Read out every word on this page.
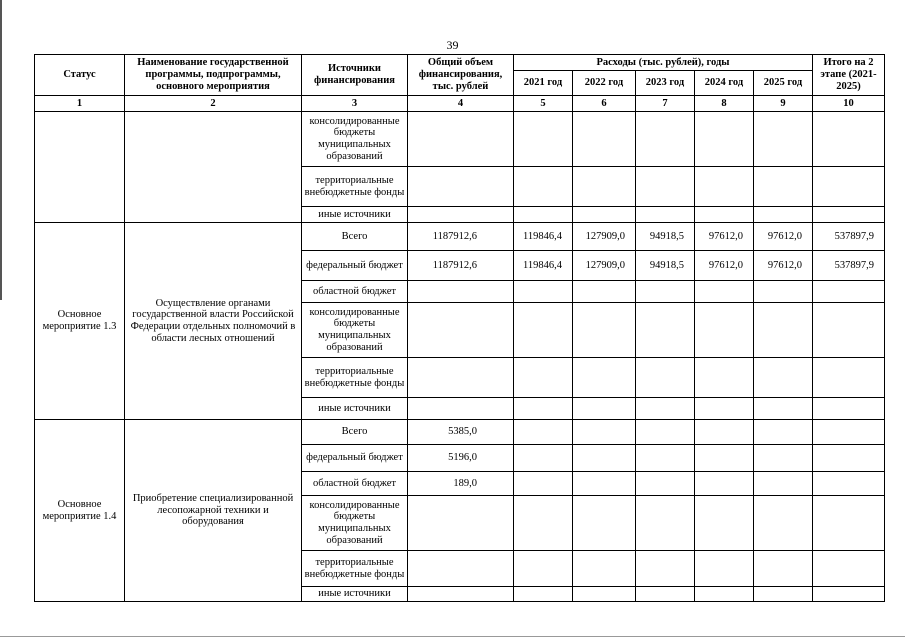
39
Статус	Наименование государственной программы, подпрограммы, основного мероприятия	Источники финансирования	Общий объем финансирования, тыс. рублей	Расходы (тыс. рублей), годы					Итого на 2 этапе (2021-2025)
				2021 год	2022 год	2023 год	2024 год	2025 год	
1	2	3	4	5	6	7	8	9	10
		консолидированные бюджеты муниципальных образований							
		территориальные внебюджетные фонды							
		иные источники							
Основное мероприятие 1.3	Осуществление органами государственной власти Российской Федерации отдельных полномочий в области лесных отношений	Всего	1187912,6	119846,4	127909,0	94918,5	97612,0	97612,0	537897,9
		федеральный бюджет	1187912,6	119846,4	127909,0	94918,5	97612,0	97612,0	537897,9
		областной бюджет							
		консолидированные бюджеты муниципальных образований							
		территориальные внебюджетные фонды							
		иные источники							
Основное мероприятие 1.4	Приобретение специализированной лесопожарной техники и оборудования	Всего	5385,0						
		федеральный бюджет	5196,0						
		областной бюджет	189,0						
		консолидированные бюджеты муниципальных образований							
		территориальные внебюджетные фонды							
		иные источники							
